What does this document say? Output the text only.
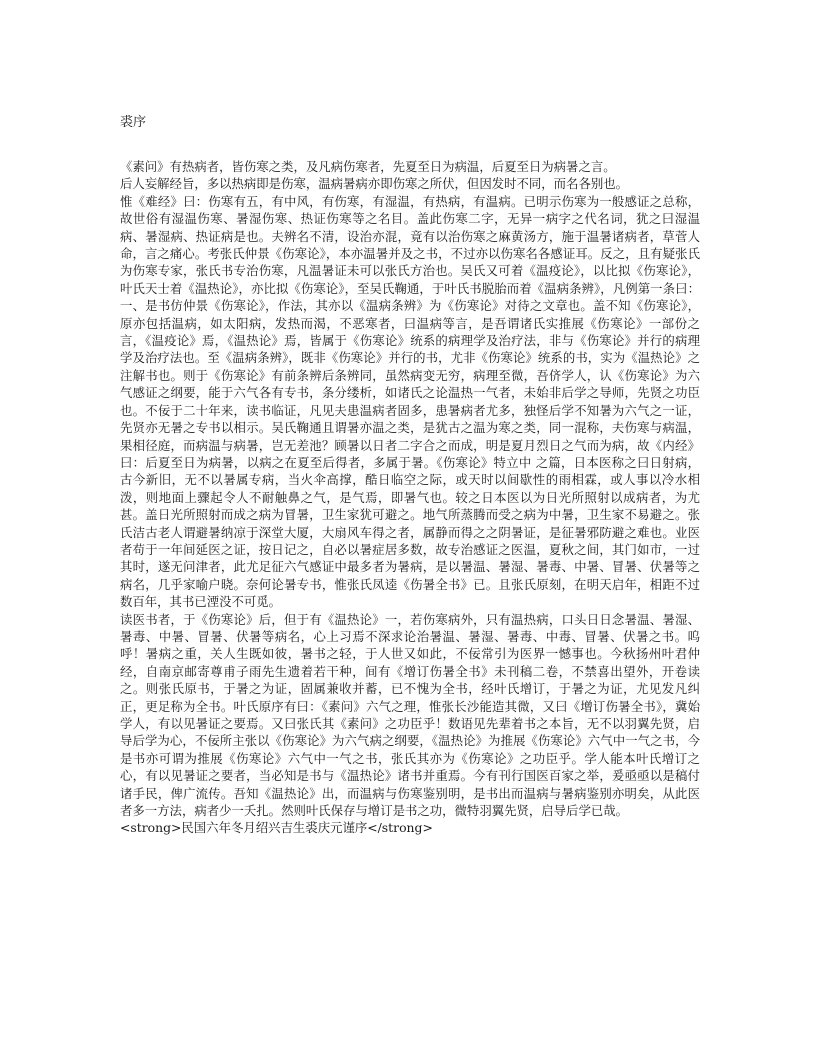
裘序

《素问》有热病者，皆伤寒之类，及凡病伤寒者，先夏至日为病温，后夏至日为病暑之言。

后人妄解经旨，多以热病即是伤寒，温病暑病亦即伤寒之所伏，但因发时不同，而名各别也。

惟《难经》曰：伤寒有五，有中风，有伤寒，有湿温，有热病，有温病。已明示伤寒为一般感证之总称，故世俗有湿温伤寒、暑湿伤寒、热证伤寒等之名目。盖此伤寒二字，无异一病字之代名词，犹之曰湿温病、暑湿病、热证病是也。夫辨名不清，设治亦混，竟有以治伤寒之麻黄汤方，施于温暑诸病者，草菅人命，言之痛心。考张氏仲景《伤寒论》，本亦温暑并及之书，不过亦以伤寒名各感证耳。反之，且有疑张氏为伤寒专家，张氏书专治伤寒，凡温暑证未可以张氏方治也。吴氏又可着《温疫论》，以比拟《伤寒论》，叶氏天士着《温热论》，亦比拟《伤寒论》，至吴氏鞠通，于叶氏书脱胎而着《温病条辨》，凡例第一条曰：一、是书仿仲景《伤寒论》，作法，其亦以《温病条辨》为《伤寒论》对待之文章也。盖不知《伤寒论》，原亦包括温病，如太阳病，发热而渴，不恶寒者，曰温病等言，是吾谓诸氏实推展《伤寒论》一部份之言，《温疫论》焉，《温热论》焉，皆属于《伤寒论》统系的病理学及治疗法，非与《伤寒论》并行的病理学及治疗法也。至《温病条辨》，既非《伤寒论》并行的书，尤非《伤寒论》统系的书，实为《温热论》之注解书也。则于《伤寒论》有前条辨后条辨同，虽然病变无穷，病理至微，吾侪学人，认《伤寒论》为六气感证之纲要，能于六气各有专书，条分缕析，如诸氏之论温热一气者，未始非后学之导师，先贤之功臣也。不佞于二十年来，读书临证，凡见夫患温病者固多，患暑病者尤多，独怪后学不知暑为六气之一证，先贤亦无暑之专书以相示。吴氏鞠通且谓暑亦温之类，是犹古之温为寒之类，同一混称，夫伤寒与病温，果相径庭，而病温与病暑，岂无差池？顾暑以日者二字合之而成，明是夏月烈日之气而为病，故《内经》曰：后夏至日为病暑，以病之在夏至后得者，多属于暑。《伤寒论》特立中 之篇，日本医称之曰日射病，古今新旧，无不以暑属专病，当火伞高撑，酷日临空之际，或天时以间歇性的雨相霖，或人事以冷水相泼，则地面上骤起令人不耐触鼻之气，是气焉，即暑气也。较之日本医以为日光所照射以成病者，为尤甚。盖日光所照射而成之病为冒暑，卫生家犹可避之。地气所蒸腾而受之病为中暑，卫生家不易避之。张氏洁古老人谓避暑纳凉于深堂大厦，大扇风车得之者，属静而得之之阴暑证，是征暑邪防避之难也。业医者苟于一年间延医之证，按日记之，自必以暑症居多数，故专治感证之医温，夏秋之间，其门如市，一过其时，遂无问津者，此尤足征六气感证中最多者为暑病，是以暑温、暑湿、暑毒、中暑、冒暑、伏暑等之病名，几乎家喻户晓。奈何论暑专书，惟张氏凤逵《伤暑全书》已。且张氏原刻，在明天启年，相距不过数百年，其书已湮没不可觅。

读医书者，于《伤寒论》后，但于有《温热论》一，若伤寒病外，只有温热病，口头日日念暑温、暑湿、暑毒、中暑、冒暑、伏暑等病名，心上习焉不深求论治暑温、暑湿、暑毒、中毒、冒暑、伏暑之书。呜呼！暑病之重，关人生既如彼，暑书之轻，于人世又如此，不佞常引为医界一憾事也。今秋扬州叶君仲经，自南京邮寄尊甫子雨先生遗着若干种，间有《增订伤暑全书》未刊稿二卷，不禁喜出望外，开卷读之。则张氏原书，于暑之为证，固属兼收并蓄，已不愧为全书，经叶氏增订，于暑之为证，尤见发凡纠正，更足称为全书。叶氏原序有曰：《素问》六气之理，惟张长沙能造其微，又曰《增订伤暑全书》，冀始学人，有以见暑证之要焉。又曰张氏其《素问》之功臣乎！数语见先辈着书之本旨，无不以羽翼先贤，启导后学为心，不佞所主张以《伤寒论》为六气病之纲要，《温热论》为推展《伤寒论》六气中一气之书，今是书亦可谓为推展《伤寒论》六气中一气之书，张氏其亦为《伤寒论》之功臣乎。学人能本叶氏增订之心，有以见暑证之要者，当必知是书与《温热论》诸书并重焉。今有刊行国医百家之举，爰亟亟以是稿付诸手民，俾广流传。吾知《温热论》出，而温病与伤寒鉴别明，是书出而温病与暑病鉴别亦明矣，从此医者多一方法，病者少一夭扎。然则叶氏保存与增订是书之功，微特羽翼先贤，启导后学已哉。

<strong>民国六年冬月绍兴吉生裘庆元谨序</strong>
